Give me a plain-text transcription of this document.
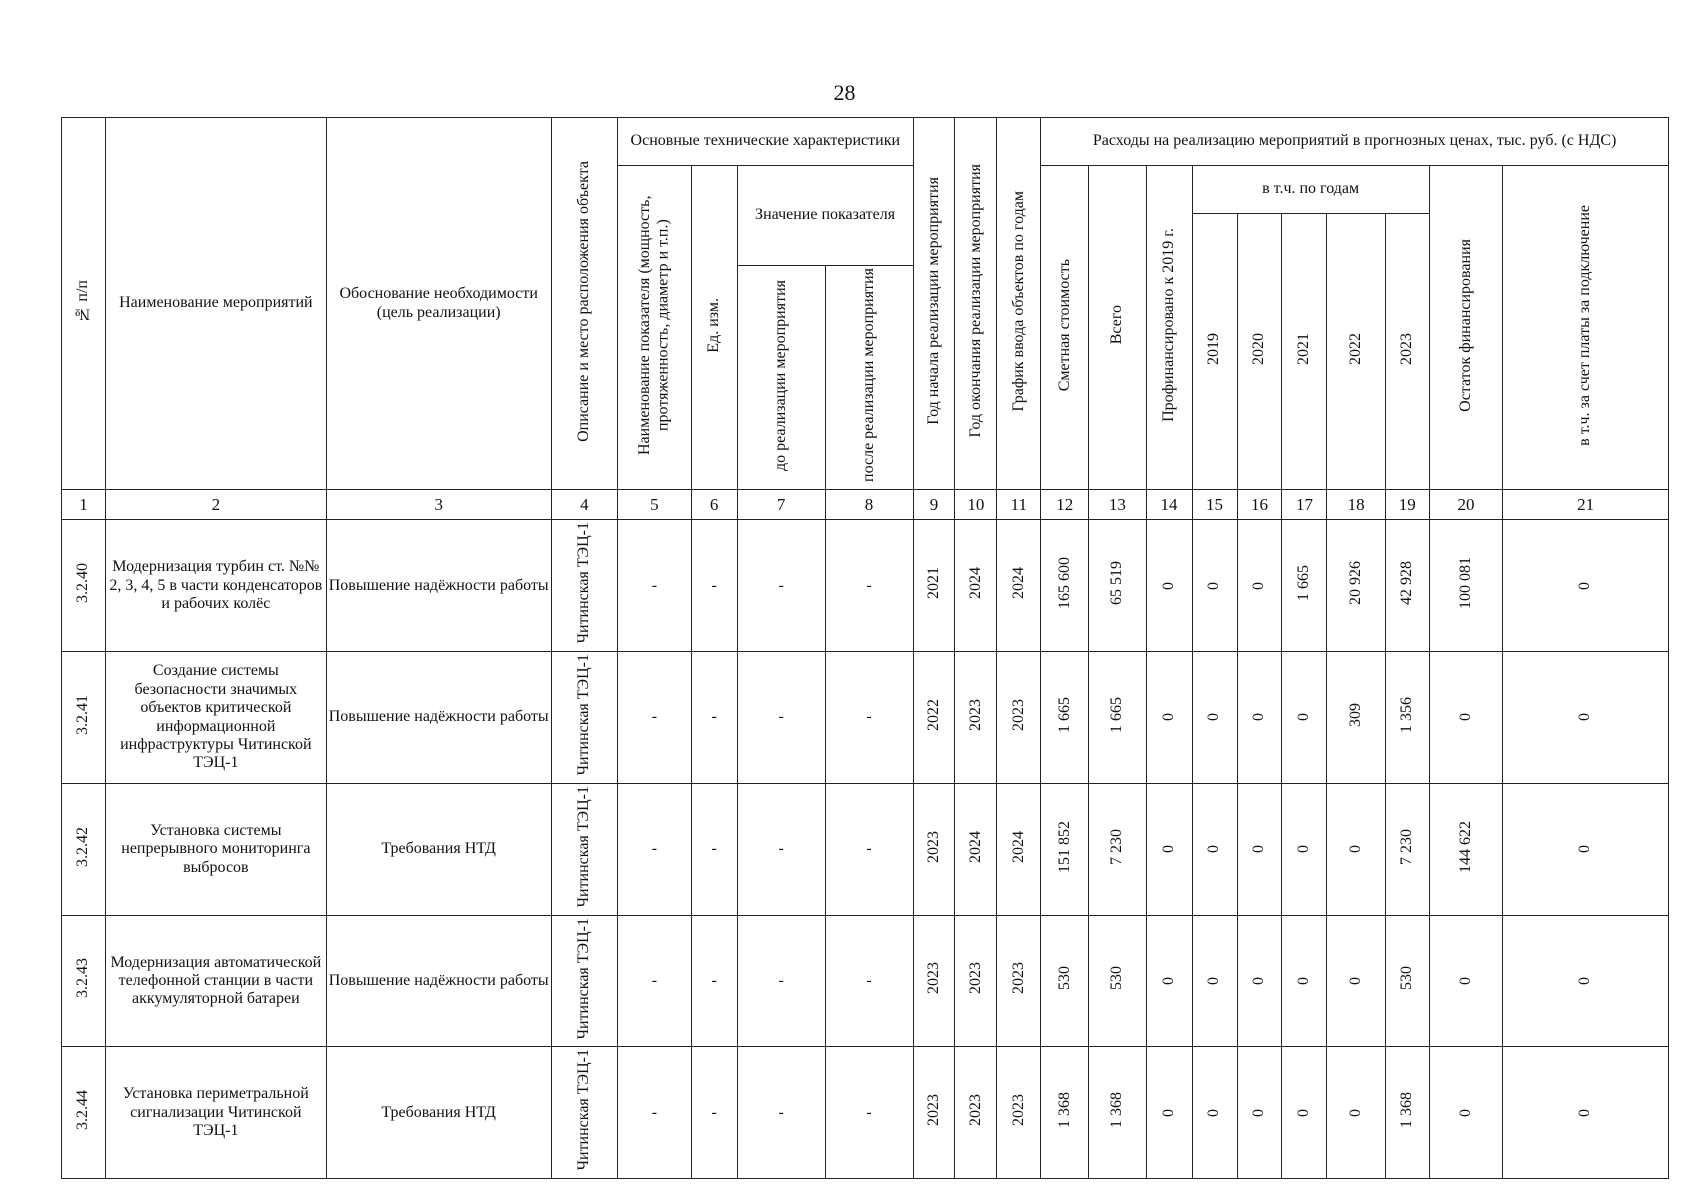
28
№ п/п	Наименование мероприятий	Обоснование необходимости (цель реализации)	Описание и место расположения объекта	Основные технические характеристики				Год начала реализации мероприятия	Год окончания реализации мероприятия	График ввода объектов по годам	Расходы на реализацию мероприятий в прогнозных ценах, тыс. руб. (с НДС)									
				Наименование показателя (мощность, протяженность, диаметр и т.п.)	Ед. изм.	Значение показателя					Сметная стоимость	Всего	Профинансировано к 2019 г.	в т.ч. по годам					Остаток финансирования	в т.ч. за счет платы за подключение
														2019	2020	2021	2022	2023		
						до реализации мероприятия	после реализации мероприятия													
1	2	3	4	5	6	7	8	9	10	11	12	13	14	15	16	17	18	19	20	21
3.2.40	Модернизация турбин ст. №№ 2, 3, 4, 5 в части конденсаторов и рабочих колёс	Повышение надёжности работы	Читинская ТЭЦ-1	-	-	-	-	2021	2024	2024	165 600	65 519	0	0	0	1 665	20 926	42 928	100 081	0
3.2.41	Создание системы безопасности значимых объектов критической информационной инфраструктуры Читинской ТЭЦ-1	Повышение надёжности работы	Читинская ТЭЦ-1	-	-	-	-	2022	2023	2023	1 665	1 665	0	0	0	0	309	1 356	0	0
3.2.42	Установка системы непрерывного мониторинга выбросов	Требования НТД	Читинская ТЭЦ-1	-	-	-	-	2023	2024	2024	151 852	7 230	0	0	0	0	0	7 230	144 622	0
3.2.43	Модернизация автоматической телефонной станции в части аккумуляторной батареи	Повышение надёжности работы	Читинская ТЭЦ-1	-	-	-	-	2023	2023	2023	530	530	0	0	0	0	0	530	0	0
3.2.44	Установка периметральной сигнализации Читинской ТЭЦ-1	Требования НТД	Читинская ТЭЦ-1	-	-	-	-	2023	2023	2023	1 368	1 368	0	0	0	0	0	1 368	0	0
